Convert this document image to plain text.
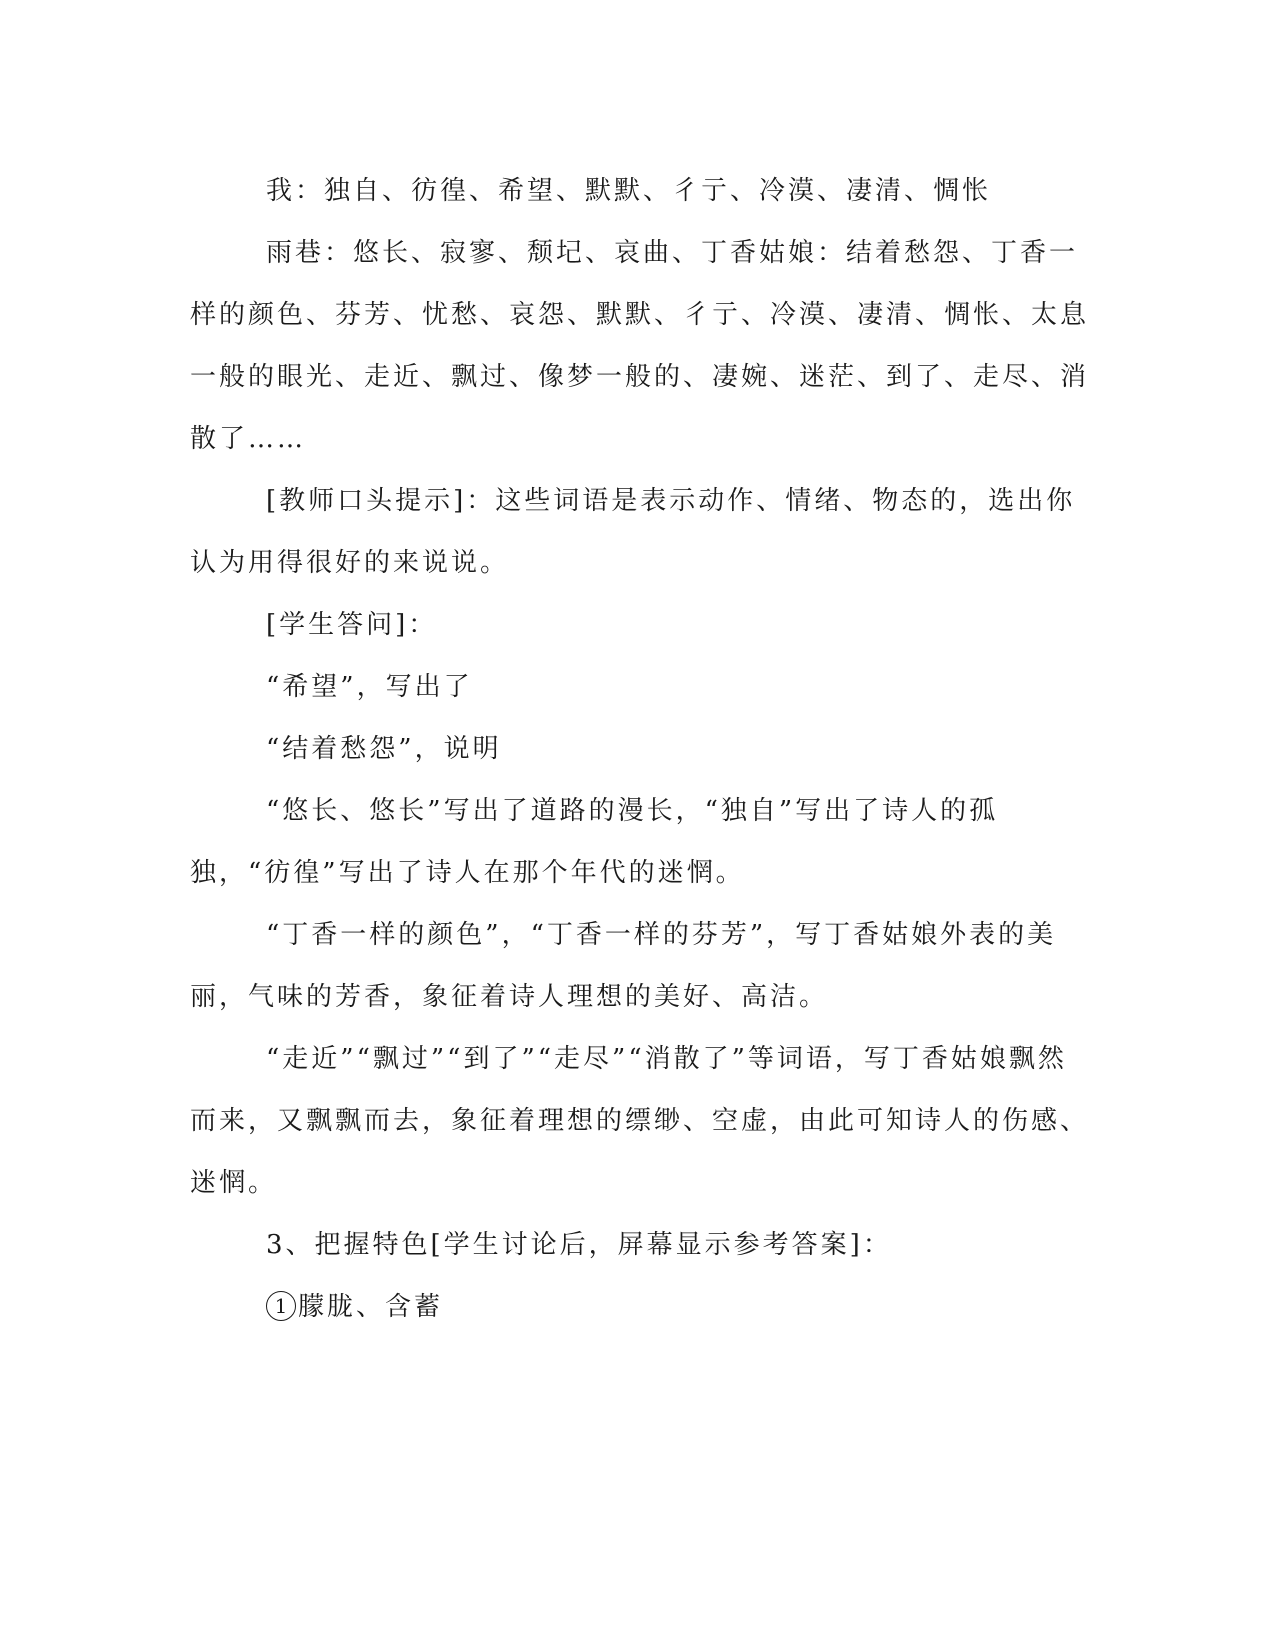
我：独自、彷徨、希望、默默、彳亍、冷漠、凄清、惆怅

雨巷：悠长、寂寥、颓圮、哀曲、丁香姑娘：结着愁怨、丁香一样的颜色、芬芳、忧愁、哀怨、默默、彳亍、冷漠、凄清、惆怅、太息一般的眼光、走近、飘过、像梦一般的、凄婉、迷茫、到了、走尽、消散了……

[教师口头提示]：这些词语是表示动作、情绪、物态的，选出你认为用得很好的来说说。

[学生答问]：

“希望”，写出了

“结着愁怨”，说明

“悠长、悠长”写出了道路的漫长，“独自”写出了诗人的孤独，“彷徨”写出了诗人在那个年代的迷惘。

“丁香一样的颜色”，“丁香一样的芬芳”，写丁香姑娘外表的美丽，气味的芳香，象征着诗人理想的美好、高洁。

“走近”“飘过”“到了”“走尽”“消散了”等词语，写丁香姑娘飘然而来，又飘飘而去，象征着理想的缥缈、空虚，由此可知诗人的伤感、迷惘。

3、把握特色[学生讨论后，屏幕显示参考答案]：

1 朦胧、含蓄
